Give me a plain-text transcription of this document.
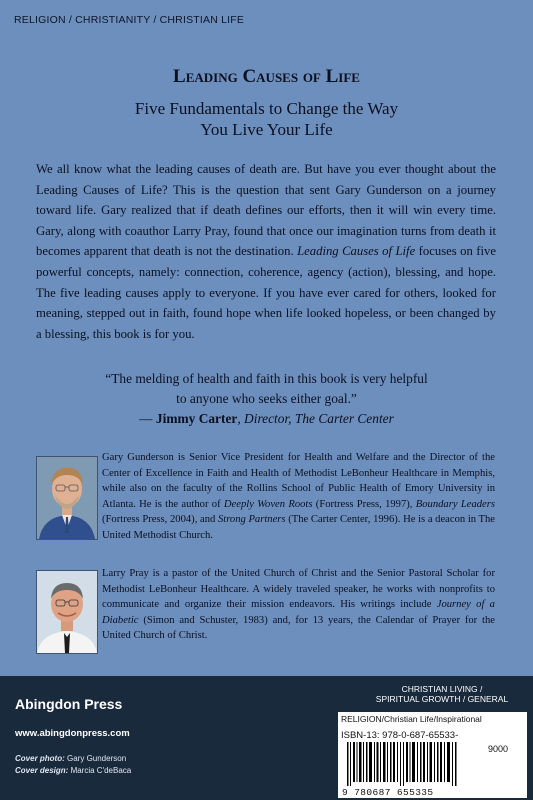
RELIGION / CHRISTIANITY / CHRISTIAN LIFE
Leading Causes of Life
Five Fundamentals to Change the Way
You Live Your Life
We all know what the leading causes of death are. But have you ever thought about the Leading Causes of Life? This is the question that sent Gary Gunderson on a journey toward life. Gary realized that if death defines our efforts, then it will win every time. Gary, along with coauthor Larry Pray, found that once our imagination turns from death it becomes apparent that death is not the destination. Leading Causes of Life focuses on five powerful concepts, namely: connection, coherence, agency (action), blessing, and hope. The five leading causes apply to everyone. If you have ever cared for others, looked for meaning, stepped out in faith, found hope when life looked hopeless, or been changed by a blessing, this book is for you.
“The melding of health and faith in this book is very helpful
to anyone who seeks either goal.”
— Jimmy Carter, Director, The Carter Center
Gary Gunderson is Senior Vice President for Health and Welfare and the Director of the Center of Excellence in Faith and Health of Methodist LeBonheur Healthcare in Memphis, while also on the faculty of the Rollins School of Public Health of Emory University in Atlanta. He is the author of Deeply Woven Roots (Fortress Press, 1997), Boundary Leaders (Fortress Press, 2004), and Strong Partners (The Carter Center, 1996). He is a deacon in The United Methodist Church.
Larry Pray is a pastor of the United Church of Christ and the Senior Pastoral Scholar for Methodist LeBonheur Healthcare. A widely traveled speaker, he works with nonprofits to communicate and organize their mission endeavors. His writings include Journey of a Diabetic (Simon and Schuster, 1983) and, for 13 years, the Calendar of Prayer for the United Church of Christ.
Abingdon Press
www.abingdonpress.com
Cover photo: Gary Gunderson
Cover design: Marcia C'deBaca
CHRISTIAN LIVING /
SPIRITUAL GROWTH / GENERAL
RELIGION/Christian Life/Inspirational
ISBN-13: 978-0-687-65533-
9000
9 780687 655335
